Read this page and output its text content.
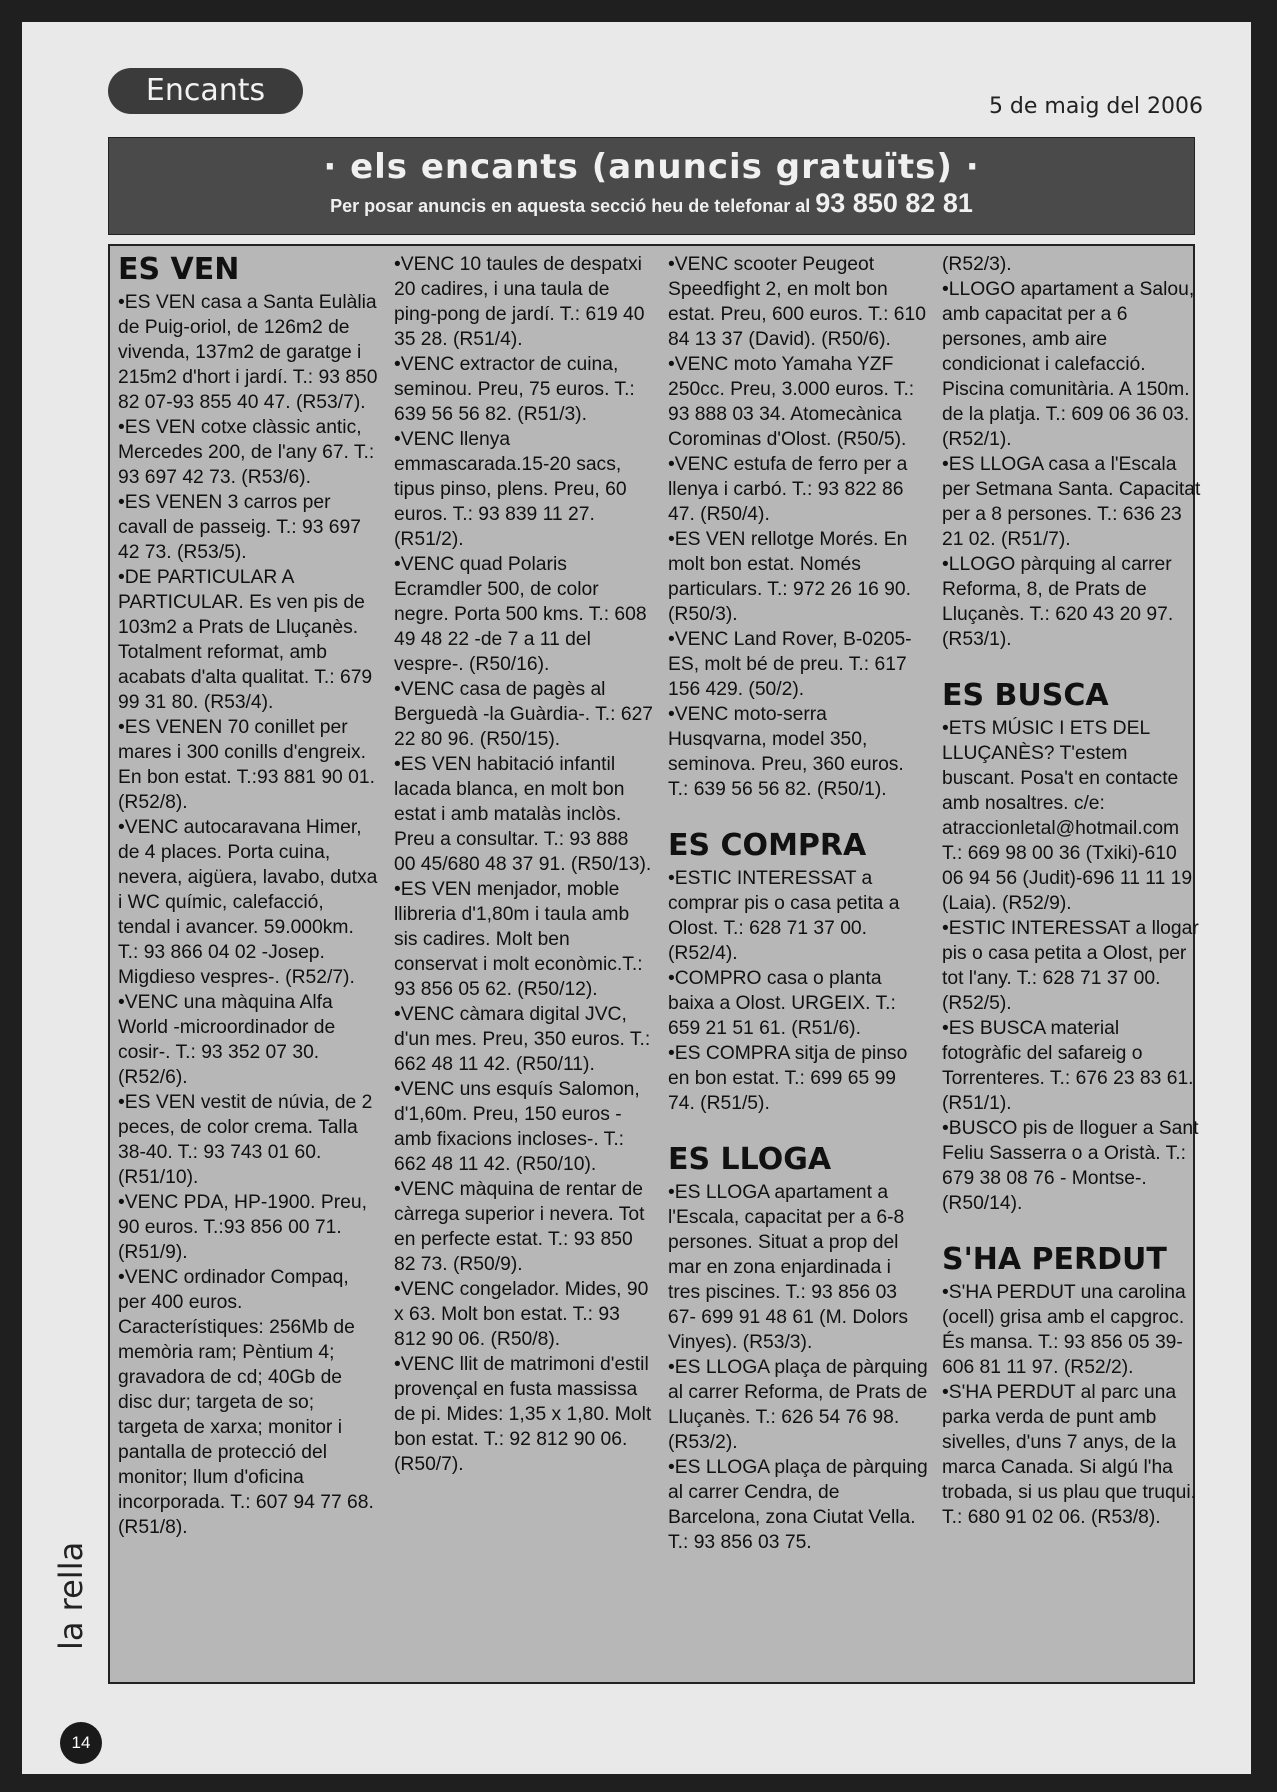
Encants	5 de maig del 2006
· els encants (anuncis gratuïts) ·
Per posar anuncis en aquesta secció heu de telefonar al 93 850 82 81
ES VEN

•ES VEN casa a Santa Eulàlia de Puig-oriol, de 126m2 de vivenda, 137m2 de garatge i 215m2 d'hort i jardí. T.: 93 850 82 07-93 855 40 47. (R53/7).

•ES VEN cotxe clàssic antic, Mercedes 200, de l'any 67. T.: 93 697 42 73. (R53/6).

•ES VENEN 3 carros per cavall de passeig. T.: 93 697 42 73. (R53/5).

•DE PARTICULAR A PARTICULAR. Es ven pis de 103m2 a Prats de Lluçanès. Totalment reformat, amb acabats d'alta qualitat. T.: 679 99 31 80. (R53/4).

•ES VENEN 70 conillet per mares i 300 conills d'engreix. En bon estat. T.:93 881 90 01. (R52/8).

•VENC autocaravana Himer, de 4 places. Porta cuina, nevera, aigüera, lavabo, dutxa i WC químic, calefacció, tendal i avancer. 59.000km. T.: 93 866 04 02 -Josep. Migdieso vespres-. (R52/7).

•VENC una màquina Alfa World -microordinador de cosir-. T.: 93 352 07 30. (R52/6).

•ES VEN vestit de núvia, de 2 peces, de color crema. Talla 38-40. T.: 93 743 01 60. (R51/10).

•VENC PDA, HP-1900. Preu, 90 euros. T.:93 856 00 71. (R51/9).

•VENC ordinador Compaq, per 400 euros. Característiques: 256Mb de memòria ram; Pèntium 4; gravadora de cd; 40Gb de disc dur; targeta de so; targeta de xarxa; monitor i pantalla de protecció del monitor; llum d'oficina incorporada. T.: 607 94 77 68. (R51/8).

•VENC 10 taules de despatxi 20 cadires, i una taula de ping-pong de jardí. T.: 619 40 35 28. (R51/4).

•VENC extractor de cuina, seminou. Preu, 75 euros. T.: 639 56 56 82. (R51/3).

•VENC llenya emmascarada.15-20 sacs, tipus pinso, plens. Preu, 60 euros. T.: 93 839 11 27. (R51/2).

•VENC quad Polaris Ecramdler 500, de color negre. Porta 500 kms. T.: 608 49 48 22 -de 7 a 11 del vespre-. (R50/16).

•VENC casa de pagès al Berguedà -la Guàrdia-. T.: 627 22 80 96. (R50/15).

•ES VEN habitació infantil lacada blanca, en molt bon estat i amb matalàs inclòs. Preu a consultar. T.: 93 888 00 45/680 48 37 91. (R50/13).

•ES VEN menjador, moble llibreria d'1,80m i taula amb sis cadires. Molt ben conservat i molt econòmic.T.: 93 856 05 62. (R50/12).

•VENC càmara digital JVC, d'un mes. Preu, 350 euros. T.: 662 48 11 42. (R50/11).

•VENC uns esquís Salomon, d'1,60m. Preu, 150 euros -amb fixacions incloses-. T.: 662 48 11 42. (R50/10).

•VENC màquina de rentar de càrrega superior i nevera. Tot en perfecte estat. T.: 93 850 82 73. (R50/9).

•VENC congelador. Mides, 90 x 63. Molt bon estat. T.: 93 812 90 06. (R50/8).

•VENC llit de matrimoni d'estil provençal en fusta massissa de pi. Mides: 1,35 x 1,80. Molt bon estat. T.: 92 812 90 06. (R50/7).

•VENC scooter Peugeot Speedfight 2, en molt bon estat. Preu, 600 euros. T.: 610 84 13 37 (David). (R50/6).

•VENC moto Yamaha YZF 250cc. Preu, 3.000 euros. T.: 93 888 03 34. Atomecànica Corominas d'Olost. (R50/5).

•VENC estufa de ferro per a llenya i carbó. T.: 93 822 86 47. (R50/4).

•ES VEN rellotge Morés. En molt bon estat. Només particulars. T.: 972 26 16 90. (R50/3).

•VENC Land Rover, B-0205-ES, molt bé de preu. T.: 617 156 429. (50/2).

•VENC moto-serra Husqvarna, model 350, seminova. Preu, 360 euros. T.: 639 56 56 82. (R50/1).

ES COMPRA

•ESTIC INTERESSAT a comprar pis o casa petita a Olost. T.: 628 71 37 00. (R52/4).

•COMPRO casa o planta baixa a Olost. URGEIX. T.: 659 21 51 61. (R51/6).

•ES COMPRA sitja de pinso en bon estat. T.: 699 65 99 74. (R51/5).

ES LLOGA

•ES LLOGA apartament a l'Escala, capacitat per a 6-8 persones. Situat a prop del mar en zona enjardinada i tres piscines. T.: 93 856 03 67- 699 91 48 61 (M. Dolors Vinyes). (R53/3).

•ES LLOGA plaça de pàrquing al carrer Reforma, de Prats de Lluçanès. T.: 626 54 76 98. (R53/2).

•ES LLOGA plaça de pàrquing al carrer Cendra, de Barcelona, zona Ciutat Vella. T.: 93 856 03 75.

(R52/3).

•LLOGO apartament a Salou, amb capacitat per a 6 persones, amb aire condicionat i calefacció. Piscina comunitària. A 150m. de la platja. T.: 609 06 36 03. (R52/1).

•ES LLOGA casa a l'Escala per Setmana Santa. Capacitat per a 8 persones. T.: 636 23 21 02. (R51/7).

•LLOGO pàrquing al carrer Reforma, 8, de Prats de Lluçanès. T.: 620 43 20 97. (R53/1).

ES BUSCA

•ETS MÚSIC I ETS DEL LLUÇANÈS? T'estem buscant. Posa't en contacte amb nosaltres. c/e: atraccionletal@hotmail.com T.: 669 98 00 36 (Txiki)-610 06 94 56 (Judit)-696 11 11 19 (Laia). (R52/9).

•ESTIC INTERESSAT a llogar pis o casa petita a Olost, per tot l'any. T.: 628 71 37 00. (R52/5).

•ES BUSCA material fotogràfic del safareig o Torrenteres. T.: 676 23 83 61. (R51/1).

•BUSCO pis de lloguer a Sant Feliu Sasserra o a Oristà. T.: 679 38 08 76 - Montse-. (R50/14).

S'HA PERDUT

•S'HA PERDUT una carolina (ocell) grisa amb el capgroc. És mansa. T.: 93 856 05 39-606 81 11 97. (R52/2).

•S'HA PERDUT al parc una parka verda de punt amb sivelles, d'uns 7 anys, de la marca Canada. Si algú l'ha trobada, si us plau que truqui. T.: 680 91 02 06. (R53/8).

la rella
14
